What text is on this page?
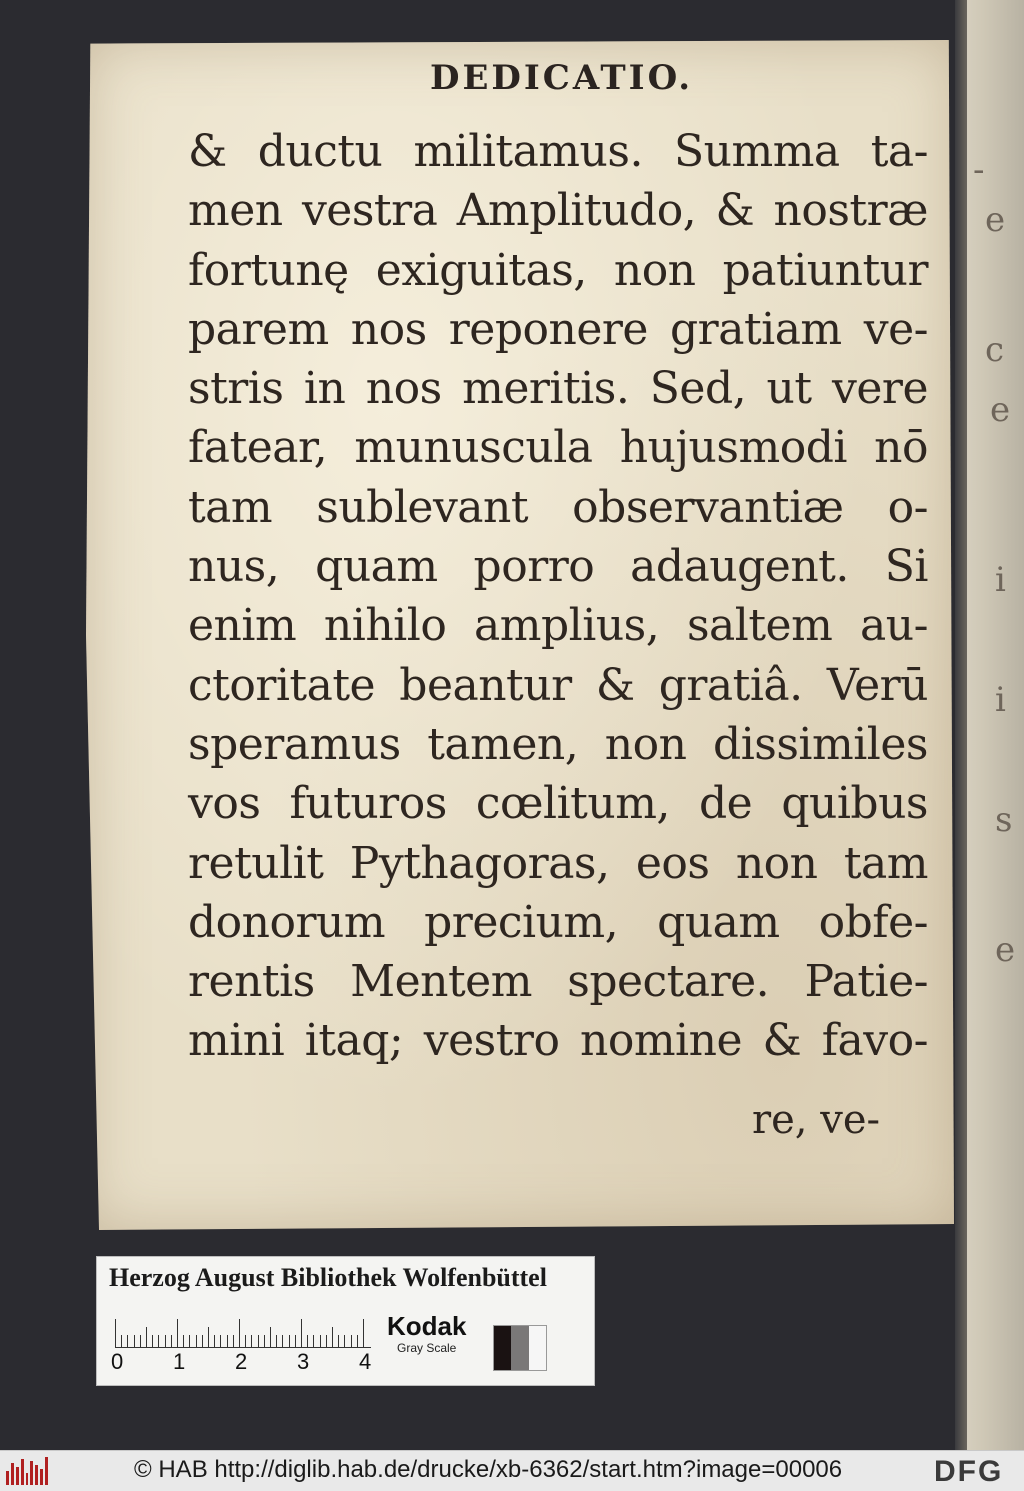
-
e
c
e
i
i
s
e
DEDICATIO.
& ductu militamus. Summa ta-
men vestra Amplitudo, & nostræ
fortunę exiguitas, non patiuntur
parem nos reponere gratiam ve-
stris in nos meritis. Sed, ut vere
fatear, munuscula hujusmodi nō
tam sublevant observantiæ o-
nus, quam porro adaugent. Si
enim nihilo amplius, saltem au-
ctoritate beantur & gratiâ. Verū
speramus tamen, non dissimiles
vos futuros cœlitum, de quibus
retulit Pythagoras, eos non tam
donorum precium, quam obfe-
rentis Mentem spectare. Patie-
mini itaq; vestro nomine & favo-
re, ve-
Herzog August Bibliothek Wolfenbüttel
0 1 2 3 4
Kodak
Gray Scale
© HAB http://diglib.hab.de/drucke/xb-6362/start.htm?image=00006	DFG
